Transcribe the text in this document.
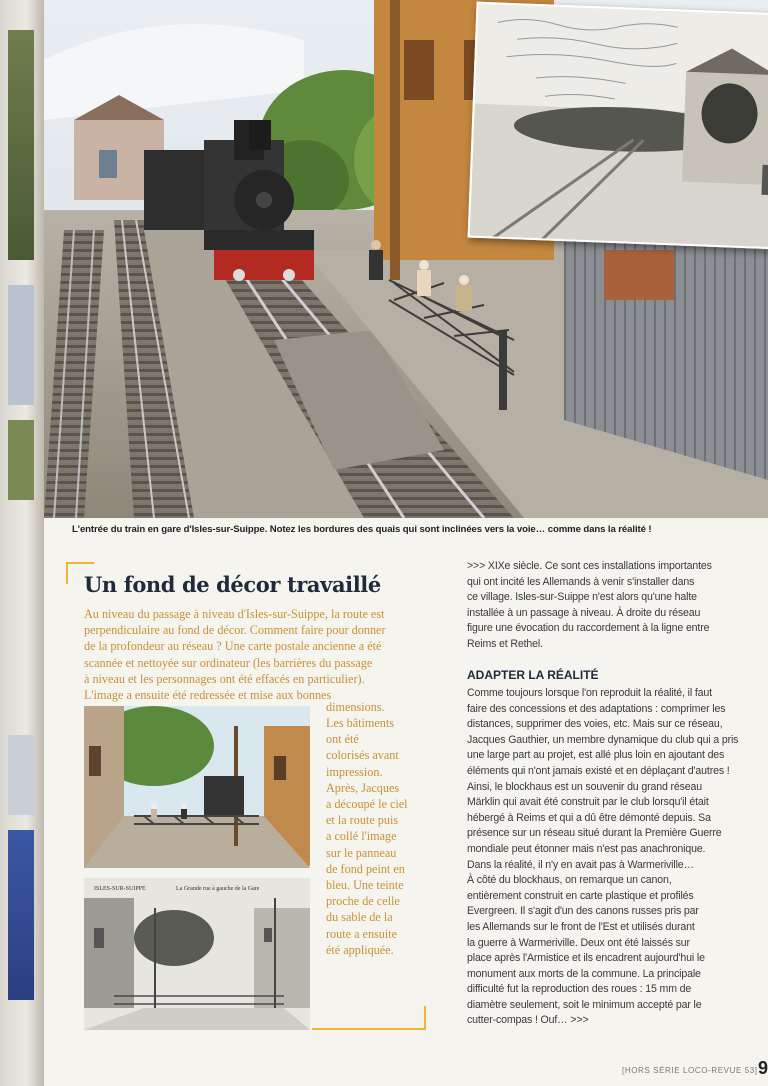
L'entrée du train en gare d'Isles-sur-Suippe. Notez les bordures des quais qui sont inclinées vers la voie… comme dans la réalité !
Un fond de décor travaillé
Au niveau du passage à niveau d'Isles-sur-Suippe, la route est
perpendiculaire au fond de décor. Comment faire pour donner
de la profondeur au réseau ? Une carte postale ancienne a été
scannée et nettoyée sur ordinateur (les barrières du passage
à niveau et les personnages ont été effacés en particulier).
L'image a ensuite été redressée et mise aux bonnes
dimensions.
Les bâtiments
ont été
colorisés avant
impression.
Après, Jacques
a découpé le ciel
et la route puis
a collé l'image
sur le panneau
de fond peint en
bleu. Une teinte
proche de celle
du sable de la
route a ensuite
été appliquée.
ISLES-SUR-SUIPPE	La Grande rue à gauche de la Gare
>>> XIXe siècle. Ce sont ces installations importantes
qui ont incité les Allemands à venir s'installer dans
ce village. Isles-sur-Suippe n'est alors qu'une halte
installée à un passage à niveau. À droite du réseau
figure une évocation du raccordement à la ligne entre
Reims et Rethel.
ADAPTER LA RÉALITÉ
Comme toujours lorsque l'on reproduit la réalité, il faut
faire des concessions et des adaptations : comprimer les
distances, supprimer des voies, etc. Mais sur ce réseau,
Jacques Gauthier, un membre dynamique du club qui a pris
une large part au projet, est allé plus loin en ajoutant des
éléments qui n'ont jamais existé et en déplaçant d'autres !
Ainsi, le blockhaus est un souvenir du grand réseau
Märklin qui avait été construit par le club lorsqu'il était
hébergé à Reims et qui a dû être démonté depuis. Sa
présence sur un réseau situé durant la Première Guerre
mondiale peut étonner mais n'est pas anachronique.
Dans la réalité, il n'y en avait pas à Warmeriville…
À côté du blockhaus, on remarque un canon,
entièrement construit en carte plastique et profilés
Evergreen. Il s'agit d'un des canons russes pris par
les Allemands sur le front de l'Est et utilisés durant
la guerre à Warmeriville. Deux ont été laissés sur
place après l'Armistice et ils encadrent aujourd'hui le
monument aux morts de la commune. La principale
difficulté fut la reproduction des roues : 15 mm de
diamètre seulement, soit le minimum accepté par le
cutter-compas ! Ouf… >>>
[HORS SÉRIE LOCO-REVUE 53] 9
